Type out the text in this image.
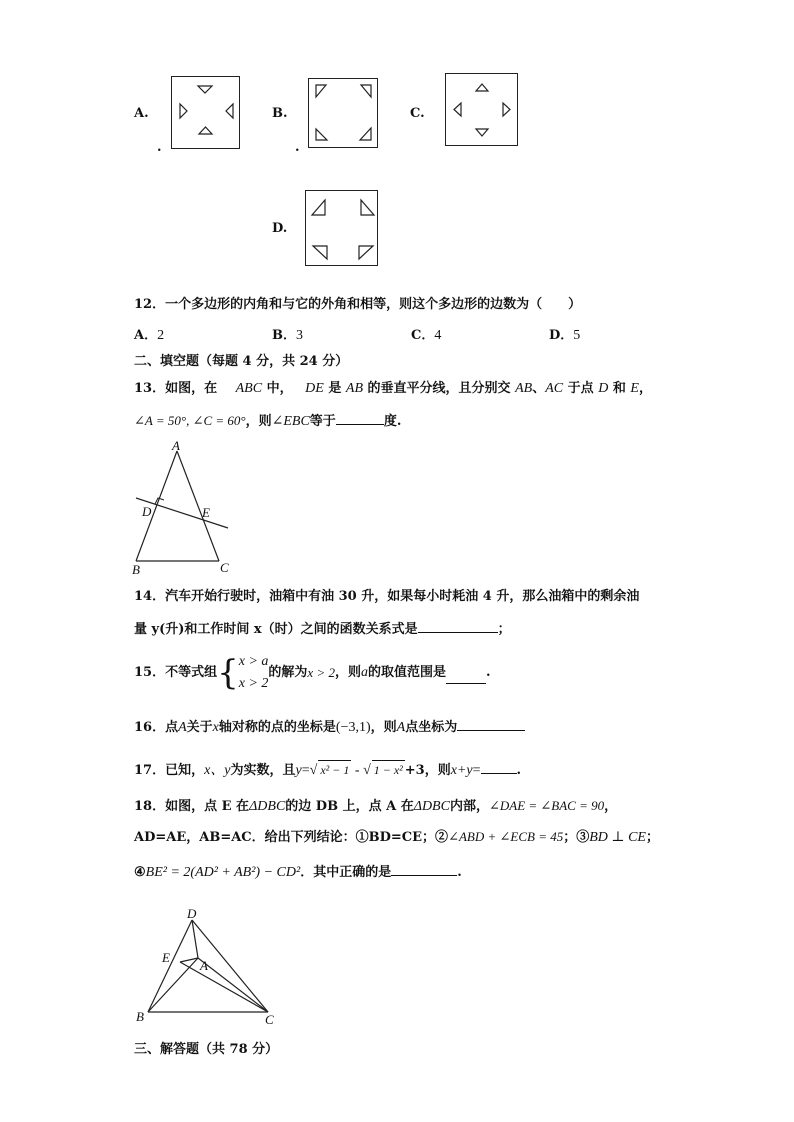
A.
.
B.
.
C.
D.
12．一个多边形的内角和与它的外角和相等，则这个多边形的边数为（　　）
A．2	B．3	C．4	D．5
二、填空题（每题 4 分，共 24 分）
13．如图，在 ABC 中， DE 是 AB 的垂直平分线，且分别交 AB、AC 于点 D 和 E，
∠A = 50°, ∠C = 60°，则∠EBC等于	度.
A
D	E
B	C
14．汽车开始行驶时，油箱中有油 30 升，如果每小时耗油 4 升，那么油箱中的剩余油
量 y(升)和工作时间 x（时）之间的函数关系式是	；
15．不等式组 { x > a
x > 2
的解为 x > 2 ，则 a 的取值范围是	.
16．点A关于x轴对称的点的坐标是(−3,1)，则A点坐标为
17．已知，x、y为实数，且y=√ x² − 1 - √ 1 − x² +3，则x+y=	.
18．如图，点 E 在ΔDBC的边 DB 上，点 A 在ΔDBC内部，∠DAE = ∠BAC = 90，
AD=AE，AB=AC．给出下列结论：①BD=CE；②∠ABD + ∠ECB = 45；③BD ⊥ CE；
④BE² = 2(AD² + AB²) − CD²．其中正确的是	.
D
E
A
B	C
三、解答题（共 78 分）
